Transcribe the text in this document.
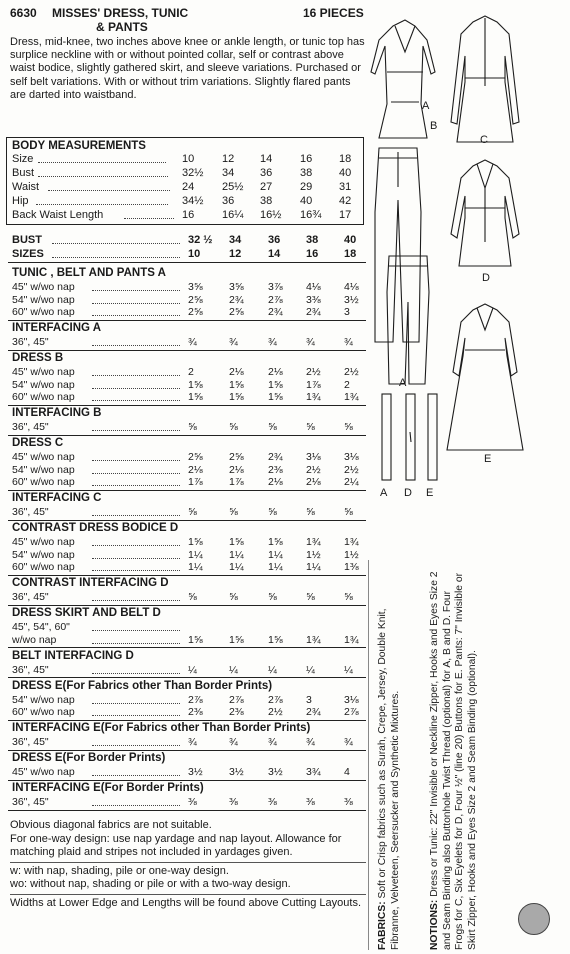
6630 MISSES' DRESS, TUNIC
& PANTS
16 PIECES
Dress, mid-knee, two inches above knee or ankle length, or tunic top has surplice neckline with or without pointed collar, self or contrast above waist bodice, slightly gathered skirt, and sleeve variations. Purchased or self belt variations. With or without trim variations. Slightly flared pants are darted into waistband.
BODY MEASUREMENTS
Size	10	12 14	16 18
Bust	32½ 34 36	38 40
Waist	24	25½ 27	29 31
Hip	34½ 36 38	40 42
Back Waist Length	16	16¼ 16½ 16¾ 17
BUST	32 ½ 34 36 38 40
SIZES	10	12 14 16 18
TUNIC , BELT AND PANTS A
45" w/wo nap	3⅝	3⅝ 3⅞ 4⅛ 4⅛
54" w/wo nap	2⅝	2¾ 2⅞ 3⅜ 3½
60" w/wo nap	2⅝	2⅝ 2¾ 2¾ 3
INTERFACING A
36", 45"	¾	¾	¾	¾	¾
DRESS B
45" w/wo nap	2	2⅛ 2⅛ 2½ 2½
54" w/wo nap	1⅝	1⅝ 1⅝ 1⅞ 2
60" w/wo nap	1⅝	1⅝ 1⅝ 1¾ 1¾
INTERFACING B
36", 45"	⅝	⅝	⅝	⅝	⅝
DRESS C
45" w/wo nap	2⅝	2⅝ 2¾ 3⅛ 3⅛
54" w/wo nap	2⅛	2⅛ 2⅜ 2½ 2½
60" w/wo nap	1⅞	1⅞ 2⅛ 2⅛ 2¼
INTERFACING C
36", 45"	⅝	⅝	⅝	⅝	⅝
CONTRAST DRESS BODICE D
45" w/wo nap	1⅝	1⅝ 1⅝ 1¾ 1¾
54" w/wo nap	1¼	1¼ 1¼ 1½ 1½
60" w/wo nap	1¼	1¼ 1¼ 1¼ 1⅜
CONTRAST INTERFACING D
36", 45"	⅝	⅝	⅝	⅝	⅝
DRESS SKIRT AND BELT D
45", 54", 60"
w/wo nap	1⅝	1⅝ 1⅝ 1¾ 1¾
BELT INTERFACING D
36", 45"	¼	¼	¼	¼	¼
DRESS E(For Fabrics other Than Border Prints)
54" w/wo nap	2⅞	2⅞ 2⅞ 3	3⅛
60" w/wo nap	2⅜	2⅜ 2½ 2¾ 2⅞
INTERFACING E(For Fabrics other Than Border Prints)
36", 45"	¾	¾	¾	¾	¾
DRESS E(For Border Prints)
45" w/wo nap	3½	3½ 3½ 3¾ 4
INTERFACING E(For Border Prints)
36", 45"	⅜	⅜	⅜	⅜	⅜
Obvious diagonal fabrics are not suitable.
For one-way design: use nap yardage and nap layout. Allowance for matching plaid and stripes not included in yardages given.
w: with nap, shading, pile or one-way design.
wo: without nap, shading or pile or with a two-way design.
Widths at Lower Edge and Lengths will be found above Cutting Layouts.	FABRICS: Soft or Crisp fabrics such as Surah, Crepe, Jersey, Double Knit, Fibranne, Velveteen, Seersucker and Synthetic Mixtures.	NOTIONS: Dress or Tunic: 22" Invisible or Neckline Zipper, Hooks and Eyes Size 2 and Seam Binding also Buttonhole Twist Thread (optional) for A, B and D. Four Frogs for C, Six Eyelets for D, Four ½" (line 20) Buttons for E. Pants: 7" Invisible or Skirt Zipper, Hooks and Eyes Size 2 and Seam Binding (optional).
A
B
C
D
A
E
A D E
